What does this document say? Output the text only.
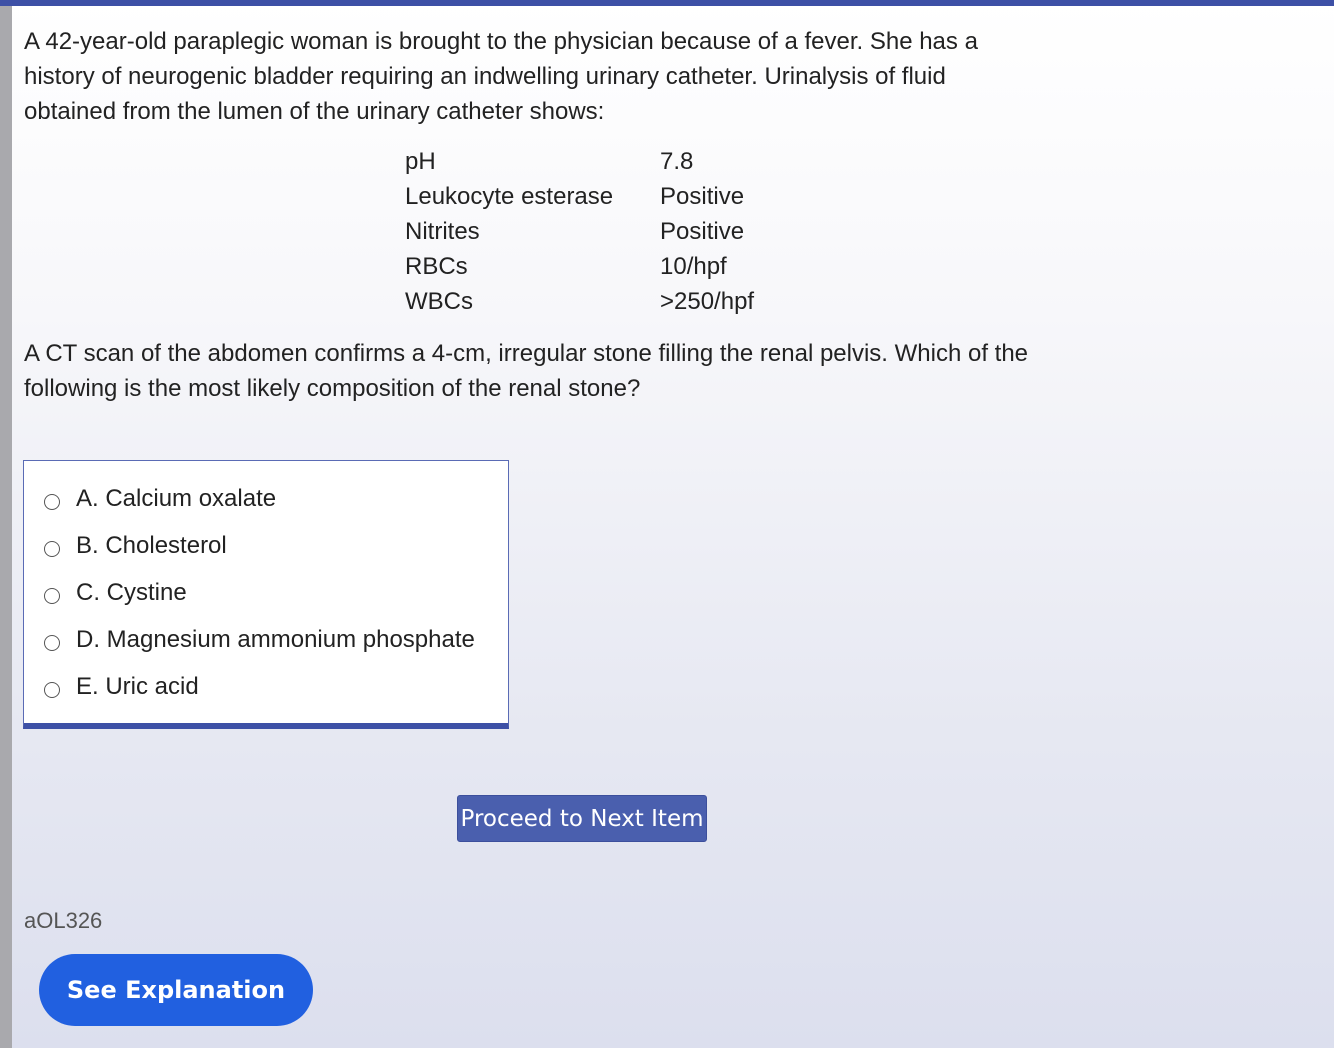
A 42-year-old paraplegic woman is brought to the physician because of a fever. She has a history of neurogenic bladder requiring an indwelling urinary catheter. Urinalysis of fluid obtained from the lumen of the urinary catheter shows:

pH	7.8
Leukocyte esterase	Positive
Nitrites	Positive
RBCs	10/hpf
WBCs	>250/hpf

A CT scan of the abdomen confirms a 4-cm, irregular stone filling the renal pelvis. Which of the following is the most likely composition of the renal stone?

A. Calcium oxalate
B. Cholesterol
C. Cystine
D. Magnesium ammonium phosphate
E. Uric acid
Proceed to Next Item
aOL326
See Explanation
